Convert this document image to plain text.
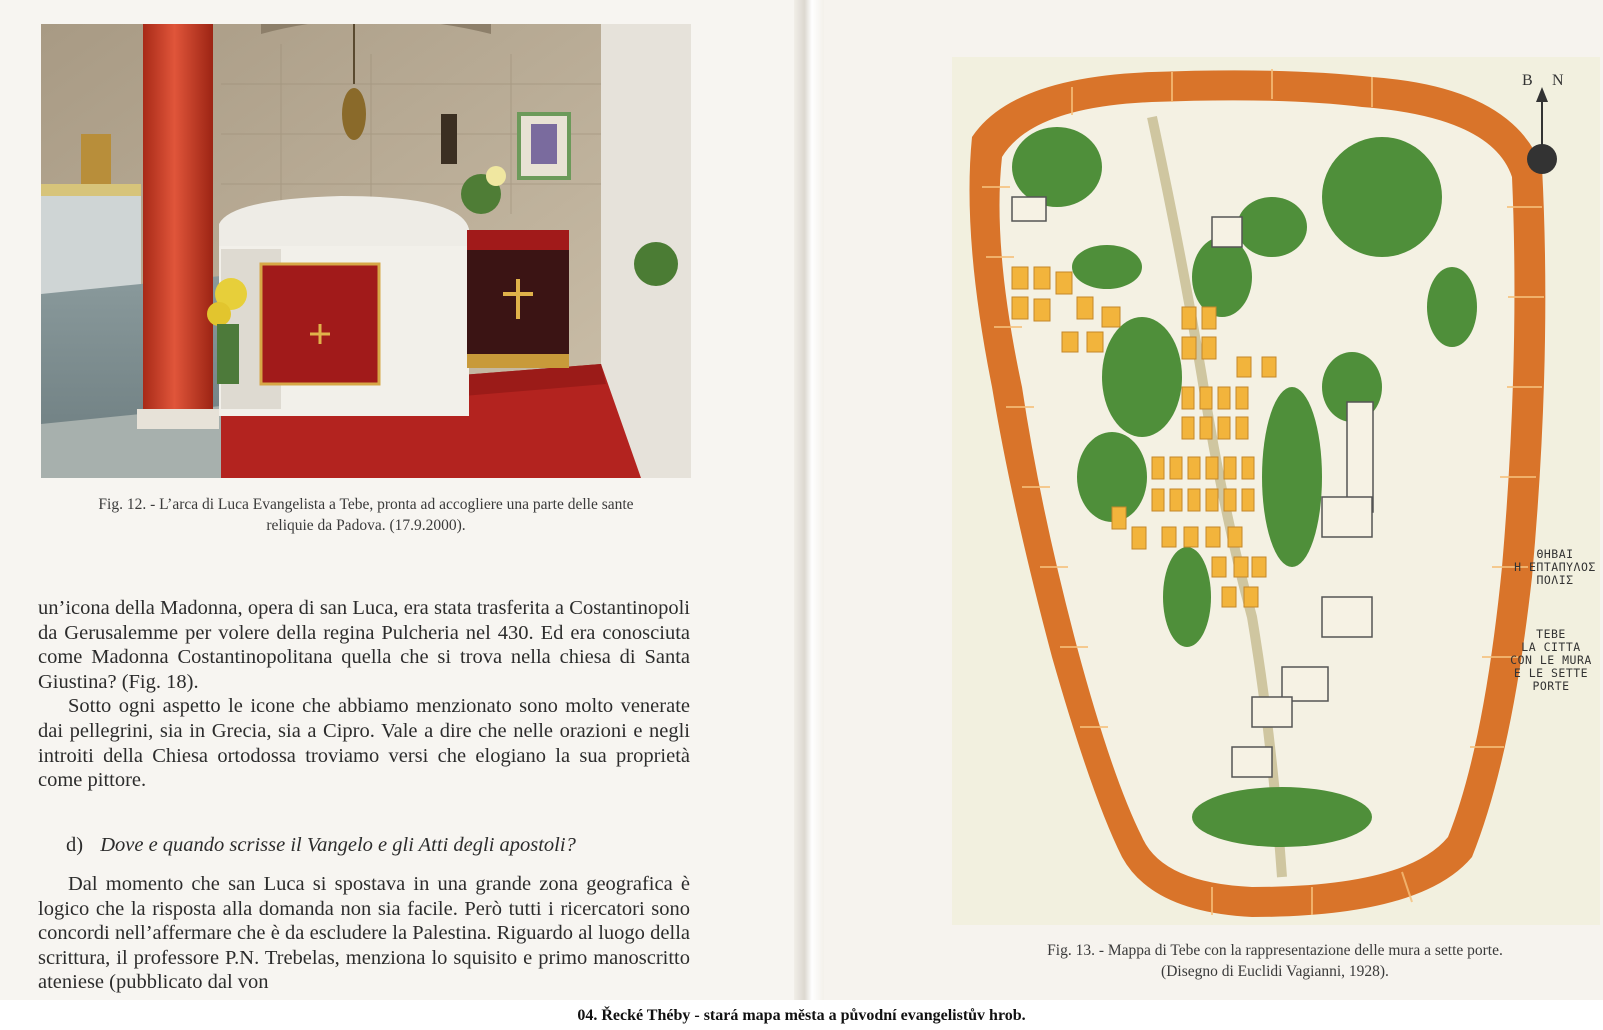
Fig. 12. - L’arca di Luca Evangelista a Tebe, pronta ad accogliere una parte delle sante
reliquie da Padova. (17.9.2000).

un’icona della Madonna, opera di san Luca, era stata trasferita a Costantinopoli da Gerusalemme per volere della regina Pulcheria nel 430. Ed era conosciuta come Madonna Costantinopolitana quella che si trova nella chiesa di Santa Giustina? (Fig. 18).

Sotto ogni aspetto le icone che abbiamo menzionato sono molto venerate dai pellegrini, sia in Grecia, sia a Cipro. Vale a dire che nelle orazioni e negli introiti della Chiesa ortodossa troviamo versi che elogiano la sua proprietà come pittore.

d) Dove e quando scrisse il Vangelo e gli Atti degli apostoli?

Dal momento che san Luca si spostava in una grande zona geografica è logico che la risposta alla domanda non sia facile. Però tutti i ricercatori sono concordi nell’affermare che è da escludere la Palestina. Riguardo al luogo della scrittura, il professore P.N. Trebelas, menziona lo squisito e primo manoscritto ateniese (pubblicato dal von

B N
ΘΗΒΑΙ
Η ΕΠΤΑΠΥΛΟΣ
ΠΟΛΙΣ
TEBE
LA CITTA
CON LE MURA
E LE SETTE
PORTE
Fig. 13. - Mappa di Tebe con la rappresentazione delle mura a sette porte.
(Disegno di Euclidi Vagianni, 1928).
04. Řecké Théby - stará mapa města a původní evangelistův hrob.
